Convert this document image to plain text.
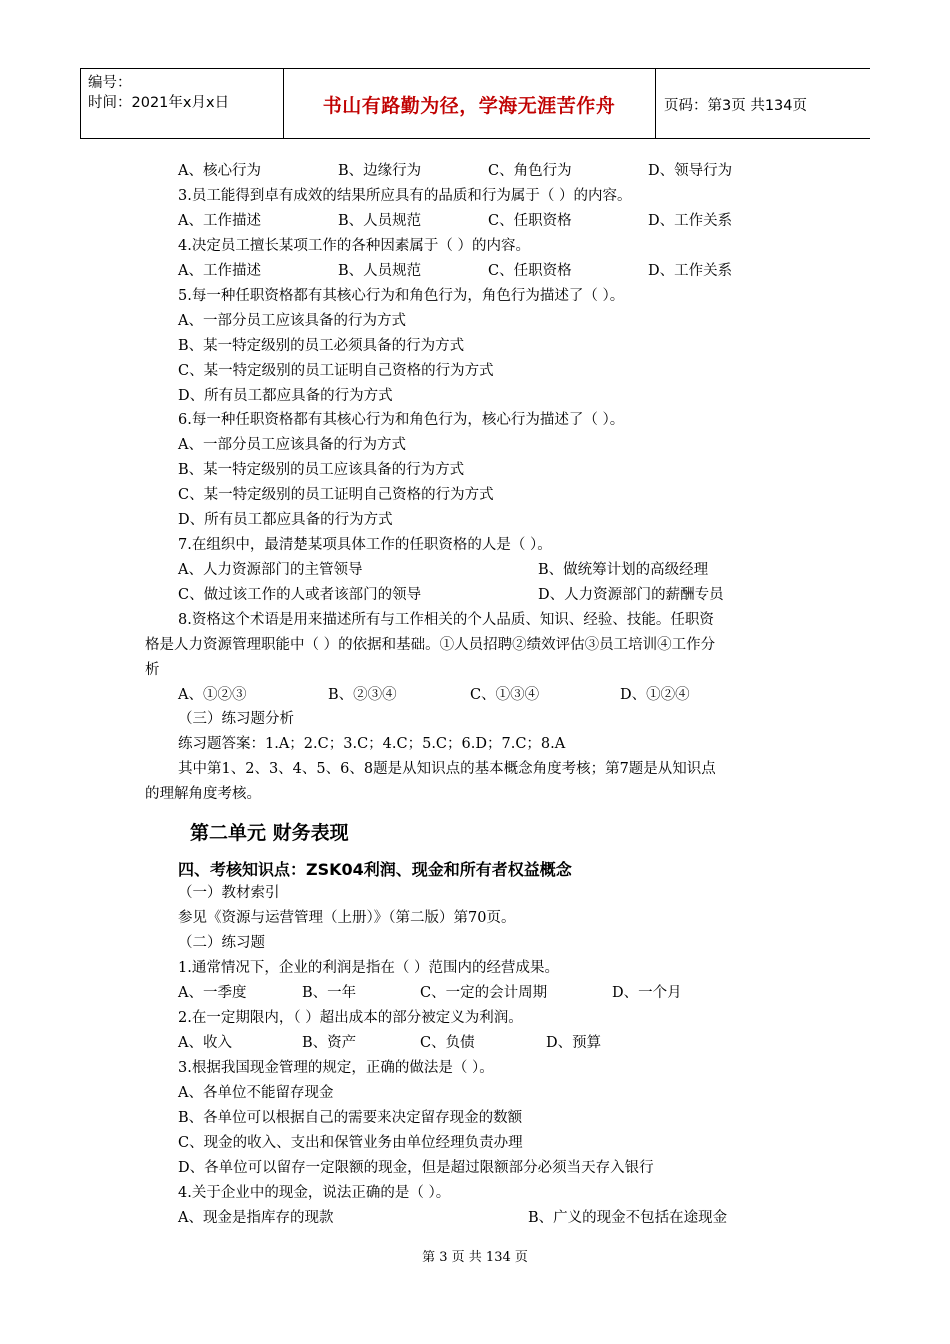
编号：
时间：2021年x月x日	书山有路勤为径，学海无涯苦作舟	页码：第3页 共134页
A、核心行为	B、边缘行为	C、角色行为	D、领导行为
3.员工能得到卓有成效的结果所应具有的品质和行为属于（ ）的内容。
A、工作描述	B、人员规范	C、任职资格	D、工作关系
4.决定员工擅长某项工作的各种因素属于（ ）的内容。
A、工作描述	B、人员规范	C、任职资格	D、工作关系
5.每一种任职资格都有其核心行为和角色行为，角色行为描述了（ ）。
A、一部分员工应该具备的行为方式
B、某一特定级别的员工必须具备的行为方式
C、某一特定级别的员工证明自己资格的行为方式
D、所有员工都应具备的行为方式
6.每一种任职资格都有其核心行为和角色行为，核心行为描述了（ ）。
A、一部分员工应该具备的行为方式
B、某一特定级别的员工应该具备的行为方式
C、某一特定级别的员工证明自己资格的行为方式
D、所有员工都应具备的行为方式
7.在组织中，最清楚某项具体工作的任职资格的人是（ ）。
A、人力资源部门的主管领导	B、做统筹计划的高级经理
C、做过该工作的人或者该部门的领导	D、人力资源部门的薪酬专员
8.资格这个术语是用来描述所有与工作相关的个人品质、知识、经验、技能。任职资
格是人力资源管理职能中（ ）的依据和基础。①人员招聘②绩效评估③员工培训④工作分
析
A、①②③	B、②③④	C、①③④	D、①②④
（三）练习题分析
练习题答案：1.A；2.C；3.C；4.C；5.C；6.D；7.C；8.A
其中第1、2、3、4、5、6、8题是从知识点的基本概念角度考核；第7题是从知识点
的理解角度考核。
第二单元 财务表现
四、考核知识点：ZSK04利润、现金和所有者权益概念
（一）教材索引
参见《资源与运营管理（上册）》（第二版）第70页。
（二）练习题
1.通常情况下，企业的利润是指在（ ）范围内的经营成果。
A、一季度	B、一年	C、一定的会计周期	D、一个月
2.在一定期限内，（ ）超出成本的部分被定义为利润。
A、收入	B、资产	C、负债	D、预算
3.根据我国现金管理的规定，正确的做法是（ ）。
A、各单位不能留存现金
B、各单位可以根据自己的需要来决定留存现金的数额
C、现金的收入、支出和保管业务由单位经理负责办理
D、各单位可以留存一定限额的现金，但是超过限额部分必须当天存入银行
4.关于企业中的现金，说法正确的是（ ）。
A、现金是指库存的现款	B、广义的现金不包括在途现金
第 3 页 共 134 页
